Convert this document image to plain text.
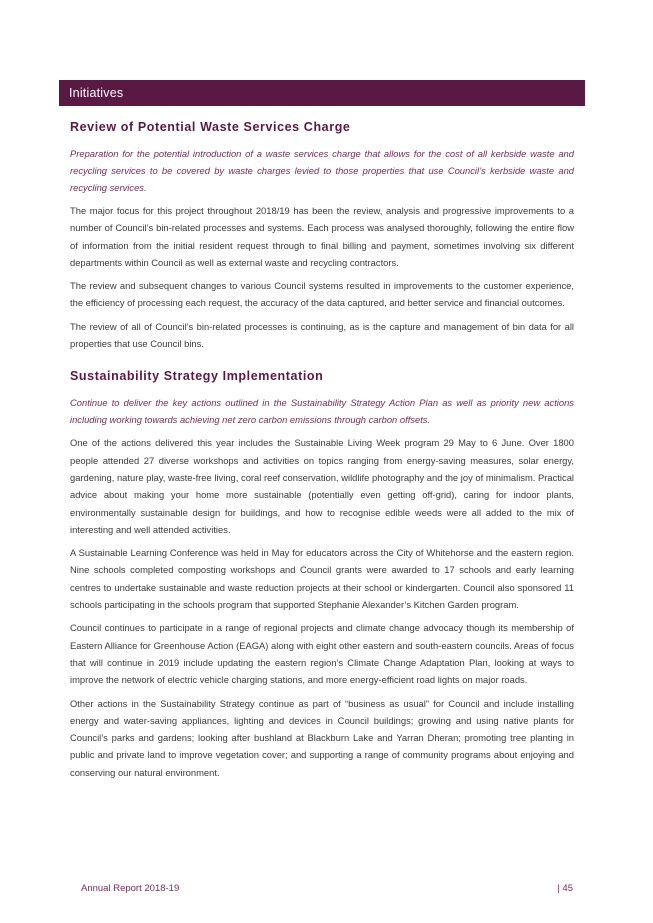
Initiatives
Review of Potential Waste Services Charge

Preparation for the potential introduction of a waste services charge that allows for the cost of all kerbside waste and recycling services to be covered by waste charges levied to those properties that use Council’s kerbside waste and recycling services.

The major focus for this project throughout 2018/19 has been the review, analysis and progressive improvements to a number of Council’s bin-related processes and systems. Each process was analysed thoroughly, following the entire flow of information from the initial resident request through to final billing and payment, sometimes involving six different departments within Council as well as external waste and recycling contractors.

The review and subsequent changes to various Council systems resulted in improvements to the customer experience, the efficiency of processing each request, the accuracy of the data captured, and better service and financial outcomes.

The review of all of Council’s bin-related processes is continuing, as is the capture and management of bin data for all properties that use Council bins.

Sustainability Strategy Implementation

Continue to deliver the key actions outlined in the Sustainability Strategy Action Plan as well as priority new actions including working towards achieving net zero carbon emissions through carbon offsets.

One of the actions delivered this year includes the Sustainable Living Week program 29 May to 6 June. Over 1800 people attended 27 diverse workshops and activities on topics ranging from energy-saving measures, solar energy, gardening, nature play, waste-free living, coral reef conservation, wildlife photography and the joy of minimalism. Practical advice about making your home more sustainable (potentially even getting off-grid), caring for indoor plants, environmentally sustainable design for buildings, and how to recognise edible weeds were all added to the mix of interesting and well attended activities.

A Sustainable Learning Conference was held in May for educators across the City of Whitehorse and the eastern region. Nine schools completed composting workshops and Council grants were awarded to 17 schools and early learning centres to undertake sustainable and waste reduction projects at their school or kindergarten. Council also sponsored 11 schools participating in the schools program that supported Stephanie Alexander’s Kitchen Garden program.

Council continues to participate in a range of regional projects and climate change advocacy though its membership of Eastern Alliance for Greenhouse Action (EAGA) along with eight other eastern and south-eastern councils. Areas of focus that will continue in 2019 include updating the eastern region’s Climate Change Adaptation Plan, looking at ways to improve the network of electric vehicle charging stations, and more energy-efficient road lights on major roads.

Other actions in the Sustainability Strategy continue as part of “business as usual” for Council and include installing energy and water-saving appliances, lighting and devices in Council buildings; growing and using native plants for Council’s parks and gardens; looking after bushland at Blackburn Lake and Yarran Dheran; promoting tree planting in public and private land to improve vegetation cover; and supporting a range of community programs about enjoying and conserving our natural environment.

Annual Report 2018-19	| 45
